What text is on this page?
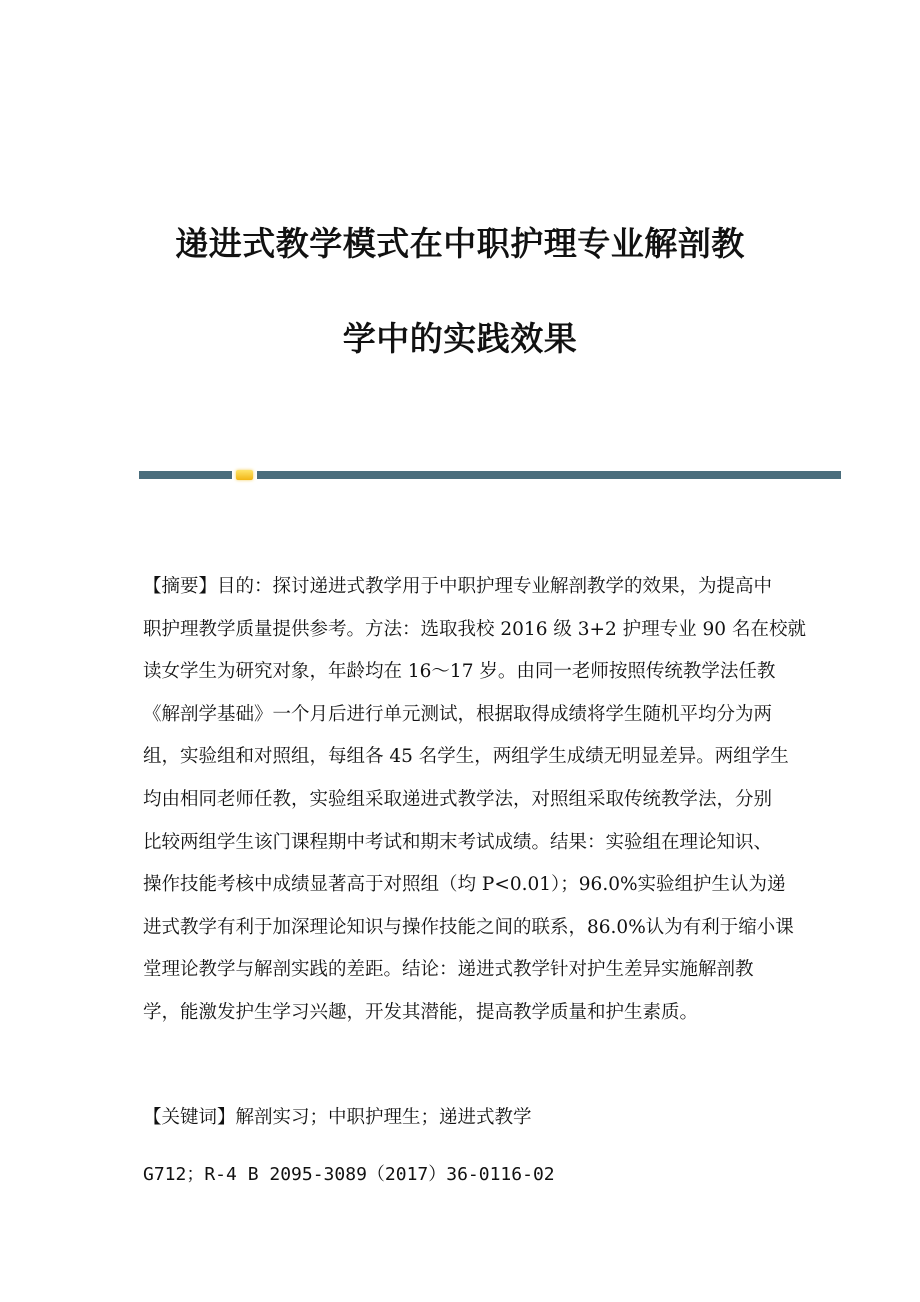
递进式教学模式在中职护理专业解剖教
学中的实践效果
【摘要】目的：探讨递进式教学用于中职护理专业解剖教学的效果，为提高中
职护理教学质量提供参考。方法：选取我校 2016 级 3+2 护理专业 90 名在校就
读女学生为研究对象，年龄均在 16～17 岁。由同一老师按照传统教学法任教
《解剖学基础》一个月后进行单元测试，根据取得成绩将学生随机平均分为两
组，实验组和对照组，每组各 45 名学生，两组学生成绩无明显差异。两组学生
均由相同老师任教，实验组采取递进式教学法，对照组采取传统教学法，分别
比较两组学生该门课程期中考试和期末考试成绩。结果：实验组在理论知识、
操作技能考核中成绩显著高于对照组（均 P<0.01）；96.0%实验组护生认为递
进式教学有利于加深理论知识与操作技能之间的联系，86.0%认为有利于缩小课
堂理论教学与解剖实践的差距。结论：递进式教学针对护生差异实施解剖教
学，能激发护生学习兴趣，开发其潜能，提高教学质量和护生素质。
【关键词】解剖实习；中职护理生；递进式教学
G712；R-4 B 2095-3089（2017）36-0116-02
